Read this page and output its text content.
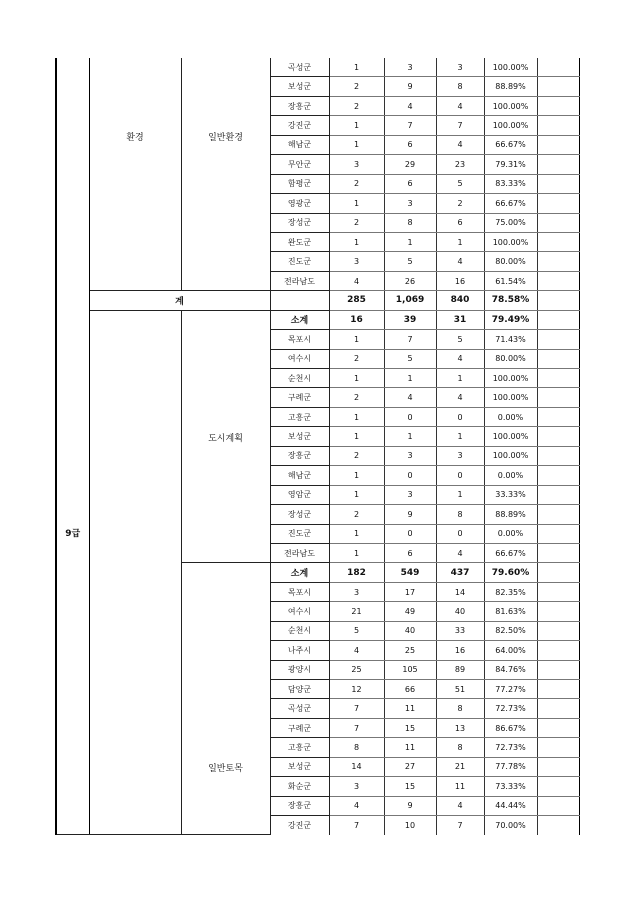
9급	환경	일반환경	곡성군	1	3	3	100.00%	
			보성군	2	9	8	88.89%	
			장흥군	2	4	4	100.00%	
			강진군	1	7	7	100.00%	
			해남군	1	6	4	66.67%	
			무안군	3	29	23	79.31%	
			함평군	2	6	5	83.33%	
			영광군	1	3	2	66.67%	
			장성군	2	8	6	75.00%	
			완도군	1	1	1	100.00%	
			진도군	3	5	4	80.00%	
			전라남도	4	26	16	61.54%	
	계			285	1,069	840	78.58%	
		도시계획	소계	16	39	31	79.49%	
			목포시	1	7	5	71.43%	
			여수시	2	5	4	80.00%	
			순천시	1	1	1	100.00%	
			구례군	2	4	4	100.00%	
			고흥군	1	0	0	0.00%	
			보성군	1	1	1	100.00%	
			장흥군	2	3	3	100.00%	
			해남군	1	0	0	0.00%	
			영암군	1	3	1	33.33%	
			장성군	2	9	8	88.89%	
			진도군	1	0	0	0.00%	
			전라남도	1	6	4	66.67%	
		일반토목	소계	182	549	437	79.60%	
			목포시	3	17	14	82.35%	
			여수시	21	49	40	81.63%	
			순천시	5	40	33	82.50%	
			나주시	4	25	16	64.00%	
			광양시	25	105	89	84.76%	
			담양군	12	66	51	77.27%	
			곡성군	7	11	8	72.73%	
			구례군	7	15	13	86.67%	
			고흥군	8	11	8	72.73%	
			보성군	14	27	21	77.78%	
			화순군	3	15	11	73.33%	
			장흥군	4	9	4	44.44%	
			강진군	7	10	7	70.00%	
